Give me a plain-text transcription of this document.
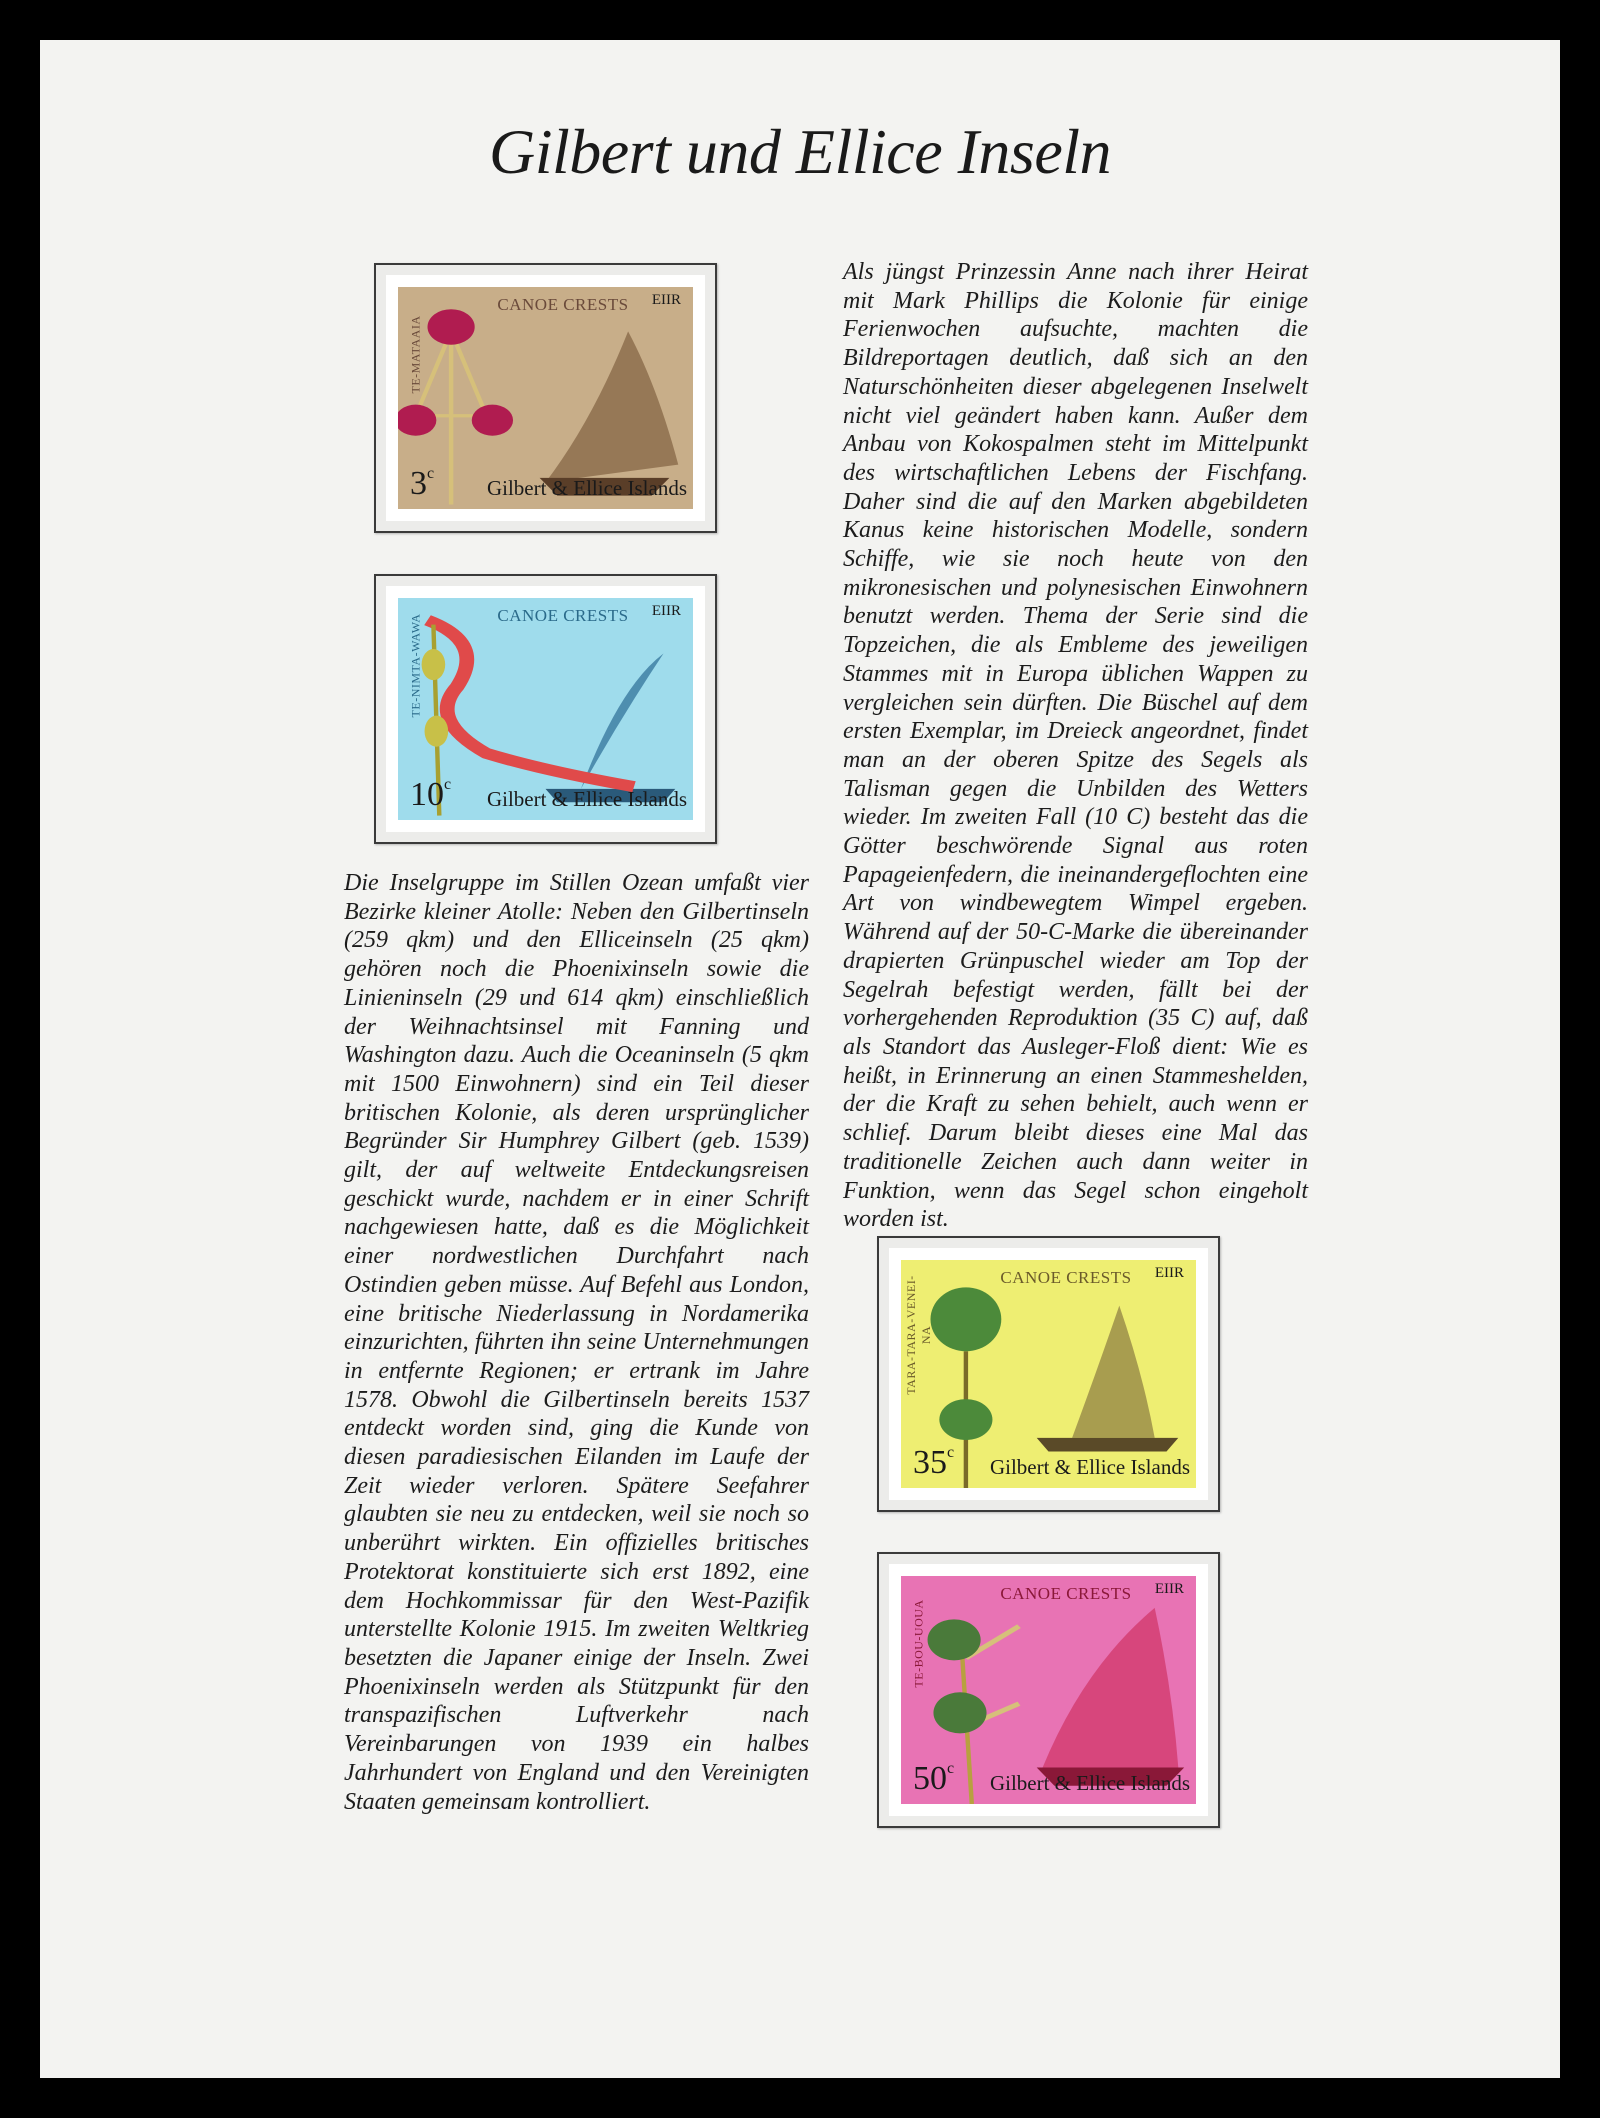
Gilbert und Ellice Inseln
CANOE CRESTS	EIIR
TE-MATAAIA
3$^c$
Gilbert & Ellice Islands
CANOE CRESTS	EIIR
TE-NIMTA-WAWA
10$^c$
Gilbert & Ellice Islands
CANOE CRESTS	EIIR
TARA-TARA-VENEI-NA
35$^c$
Gilbert & Ellice Islands
CANOE CRESTS	EIIR
TE-BOU-UOUA
50$^c$
Gilbert & Ellice Islands

Als jüngst Prinzessin Anne nach ihrer Heirat mit Mark Phillips die Kolonie für einige Ferienwochen aufsuchte, machten die Bildreportagen deutlich, daß sich an den Naturschönheiten dieser abgelegenen Inselwelt nicht viel geändert haben kann. Außer dem Anbau von Kokospalmen steht im Mittelpunkt des wirtschaftlichen Lebens der Fischfang. Daher sind die auf den Marken abgebildeten Kanus keine historischen Modelle, sondern Schiffe, wie sie noch heute von den mikronesischen und polynesischen Einwohnern benutzt werden. Thema der Serie sind die Topzeichen, die als Embleme des jeweiligen Stammes mit in Europa üblichen Wappen zu vergleichen sein dürften. Die Büschel auf dem ersten Exemplar, im Dreieck angeordnet, findet man an der oberen Spitze des Segels als Talisman gegen die Unbilden des Wetters wieder. Im zweiten Fall (10 C) besteht das die Götter beschwörende Signal aus roten Papageienfedern, die ineinandergeflochten eine Art von windbewegtem Wimpel ergeben. Während auf der 50-C-Marke die übereinander drapierten Grünpuschel wieder am Top der Segelrah befestigt werden, fällt bei der vorhergehenden Reproduktion (35 C) auf, daß als Standort das Ausleger-Floß dient: Wie es heißt, in Erinnerung an einen Stammeshelden, der die Kraft zu sehen behielt, auch wenn er schlief. Darum bleibt dieses eine Mal das traditionelle Zeichen auch dann weiter in Funktion, wenn das Segel schon eingeholt worden ist.

Die Inselgruppe im Stillen Ozean umfaßt vier Bezirke kleiner Atolle: Neben den Gilbertinseln (259 qkm) und den Elliceinseln (25 qkm) gehören noch die Phoenixinseln sowie die Linieninseln (29 und 614 qkm) einschließlich der Weihnachtsinsel mit Fanning und Washington dazu. Auch die Oceaninseln (5 qkm mit 1500 Einwohnern) sind ein Teil dieser britischen Kolonie, als deren ursprünglicher Begründer Sir Humphrey Gilbert (geb. 1539) gilt, der auf weltweite Entdeckungsreisen geschickt wurde, nachdem er in einer Schrift nachgewiesen hatte, daß es die Möglichkeit einer nordwestlichen Durchfahrt nach Ostindien geben müsse. Auf Befehl aus London, eine britische Niederlassung in Nordamerika einzurichten, führten ihn seine Unternehmungen in entfernte Regionen; er ertrank im Jahre 1578. Obwohl die Gilbertinseln bereits 1537 entdeckt worden sind, ging die Kunde von diesen paradiesischen Eilanden im Laufe der Zeit wieder verloren. Spätere Seefahrer glaubten sie neu zu entdecken, weil sie noch so unberührt wirkten. Ein offizielles britisches Protektorat konstituierte sich erst 1892, eine dem Hochkommissar für den West-Pazifik unterstellte Kolonie 1915. Im zweiten Weltkrieg besetzten die Japaner einige der Inseln. Zwei Phoenixinseln werden als Stützpunkt für den transpazifischen Luftverkehr nach Vereinbarungen von 1939 ein halbes Jahrhundert von England und den Vereinigten Staaten gemeinsam kontrolliert.
